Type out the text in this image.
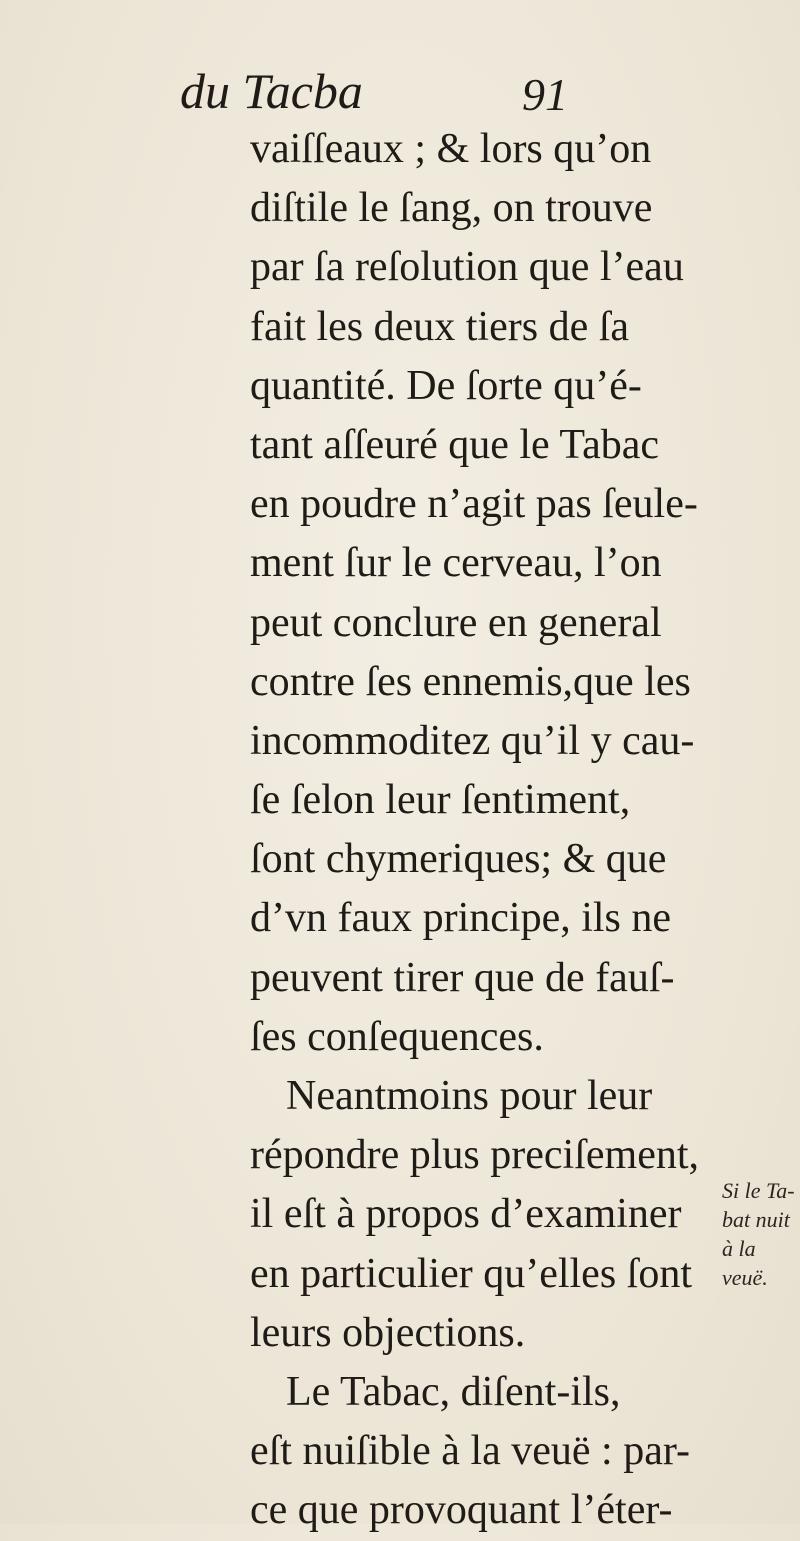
du Tacba	91
vaiſſeaux ; & lors qu’on
diſtile le ſang, on trouve
par ſa reſolution que l’eau
fait les deux tiers de ſa
quantité. De ſorte qu’é-
tant aſſeuré que le Tabac
en poudre n’agit pas ſeule-
ment ſur le cerveau, l’on
peut conclure en general
contre ſes ennemis,que les
incommoditez qu’il y cau-
ſe ſelon leur ſentiment,
ſont chymeriques; & que
d’vn faux principe, ils ne
peuvent tirer que de fauſ-
ſes conſequences.
Neantmoins pour leur
répondre plus preciſement,
il eſt à propos d’examiner
en particulier qu’elles ſont
leurs objections.
Le Tabac, diſent-ils,
eſt nuiſible à la veuë : par-
ce que provoquant l’éter-
Si le Ta-
bat nuit
à la
veuë.
